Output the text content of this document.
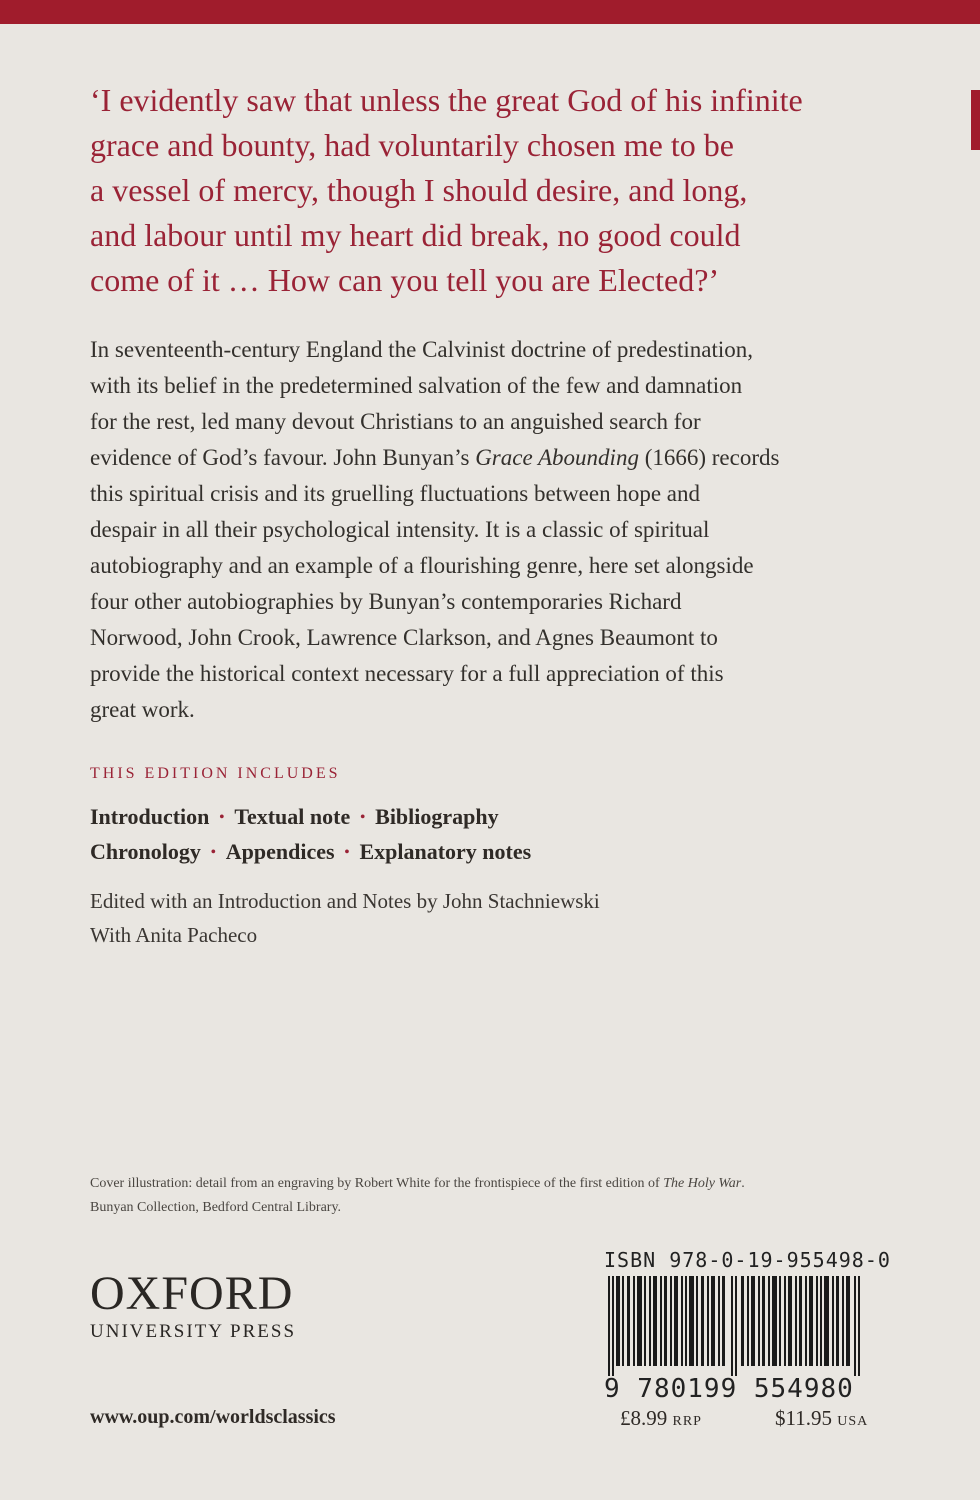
‘I evidently saw that unless the great God of his infinite
grace and bounty, had voluntarily chosen me to be
a vessel of mercy, though I should desire, and long,
and labour until my heart did break, no good could
come of it … How can you tell you are Elected?’
In seventeenth-century England the Calvinist doctrine of predestination,
with its belief in the predetermined salvation of the few and damnation
for the rest, led many devout Christians to an anguished search for
evidence of God’s favour. John Bunyan’s Grace Abounding (1666) records
this spiritual crisis and its gruelling fluctuations between hope and
despair in all their psychological intensity. It is a classic of spiritual
autobiography and an example of a flourishing genre, here set alongside
four other autobiographies by Bunyan’s contemporaries Richard
Norwood, John Crook, Lawrence Clarkson, and Agnes Beaumont to
provide the historical context necessary for a full appreciation of this
great work.
THIS EDITION INCLUDES
Introduction • Textual note • Bibliography
Chronology • Appendices • Explanatory notes
Edited with an Introduction and Notes by John Stachniewski
With Anita Pacheco
Cover illustration: detail from an engraving by Robert White for the frontispiece of the first edition of The Holy War.
Bunyan Collection, Bedford Central Library.
OXFORD
UNIVERSITY PRESS
www.oup.com/worldsclassics
ISBN 978-0-19-955498-0
9 780199 554980
£8.99 RRP	$11.95 USA
